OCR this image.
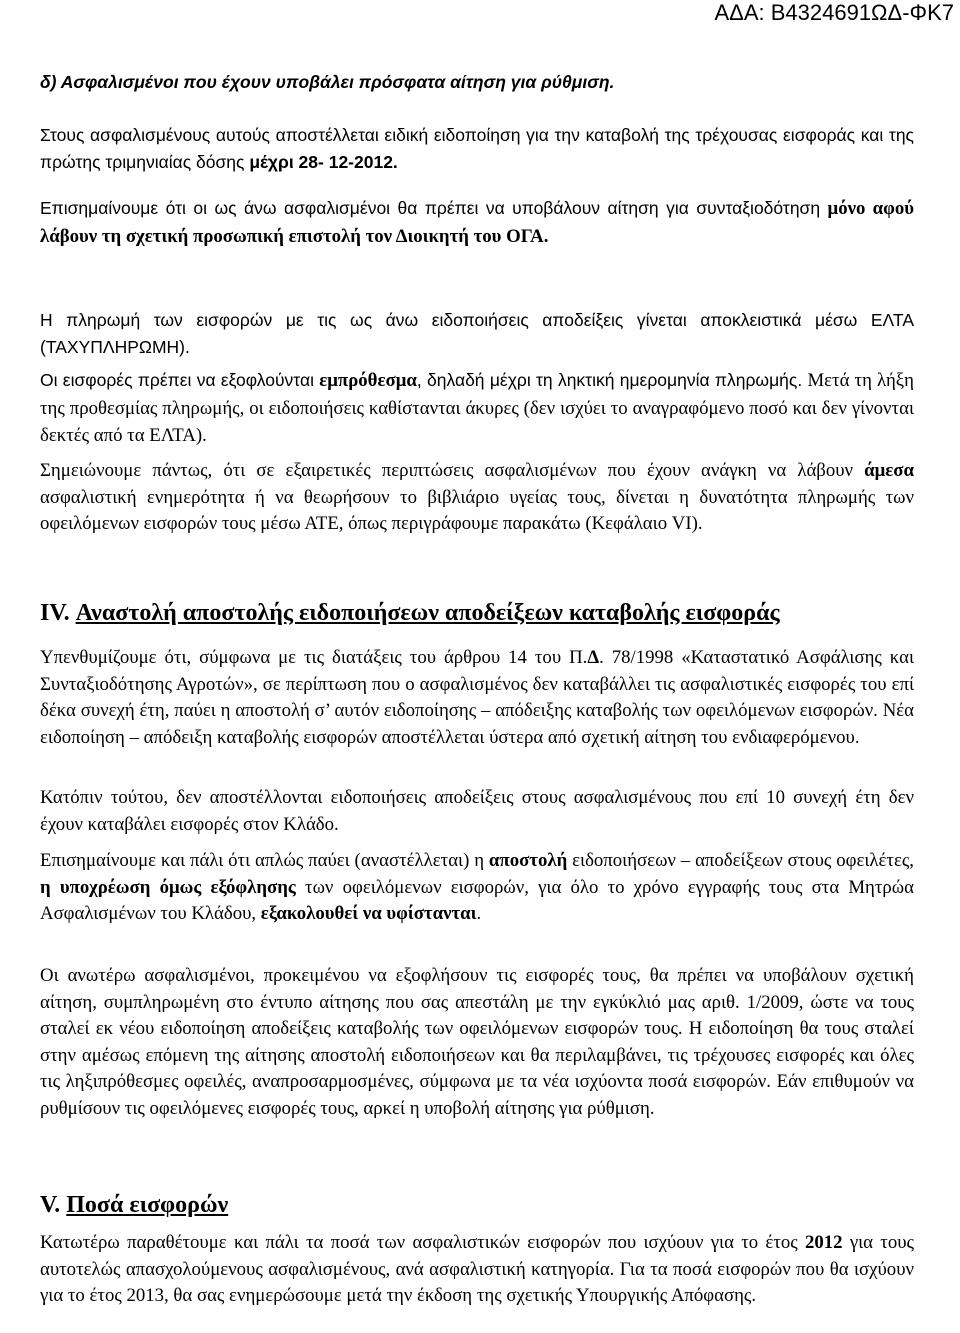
ΑΔΑ: Β4324691ΩΔ-ΦΚ7

δ) Ασφαλισμένοι που έχουν υποβάλει πρόσφατα αίτηση για ρύθμιση.

Στους ασφαλισμένους αυτούς αποστέλλεται ειδική ειδοποίηση για την καταβολή της τρέχουσας εισφοράς και της πρώτης τριμηνιαίας δόσης μέχρι 28- 12-2012.

Επισημαίνουμε ότι οι ως άνω ασφαλισμένοι θα πρέπει να υποβάλουν αίτηση για συνταξιοδότηση μόνο αφού λάβουν τη σχετική προσωπική επιστολή τον Διοικητή του ΟΓΑ.

Η πληρωμή των εισφορών με τις ως άνω ειδοποιήσεις αποδείξεις γίνεται αποκλειστικά μέσω ΕΛΤΑ (ΤΑΧΥΠΛΗΡΩΜΗ).

Οι εισφορές πρέπει να εξοφλούνται εμπρόθεσμα, δηλαδή μέχρι τη ληκτική ημερομηνία πληρωμής. Μετά τη λήξη της προθεσμίας πληρωμής, οι ειδοποιήσεις καθίστανται άκυρες (δεν ισχύει το αναγραφόμενο ποσό και δεν γίνονται δεκτές από τα ΕΛΤΑ).

Σημειώνουμε πάντως, ότι σε εξαιρετικές περιπτώσεις ασφαλισμένων που έχουν ανάγκη να λάβουν άμεσα ασφαλιστική ενημερότητα ή να θεωρήσουν το βιβλιάριο υγείας τους, δίνεται η δυνατότητα πληρωμής των οφειλόμενων εισφορών τους μέσω ΑΤΕ, όπως περιγράφουμε παρακάτω (Κεφάλαιο VI).

IV. Αναστολή αποστολής ειδοποιήσεων αποδείξεων καταβολής εισφοράς

Υπενθυμίζουμε ότι, σύμφωνα με τις διατάξεις του άρθρου 14 του Π.Δ. 78/1998 «Καταστατικό Ασφάλισης και Συνταξιοδότησης Αγροτών», σε περίπτωση που ο ασφαλισμένος δεν καταβάλλει τις ασφαλιστικές εισφορές του επί δέκα συνεχή έτη, παύει η αποστολή σ’ αυτόν ειδοποίησης – απόδειξης καταβολής των οφειλόμενων εισφορών. Νέα ειδοποίηση – απόδειξη καταβολής εισφορών αποστέλλεται ύστερα από σχετική αίτηση του ενδιαφερόμενου.

Κατόπιν τούτου, δεν αποστέλλονται ειδοποιήσεις αποδείξεις στους ασφαλισμένους που επί 10 συνεχή έτη δεν έχουν καταβάλει εισφορές στον Κλάδο.

Επισημαίνουμε και πάλι ότι απλώς παύει (αναστέλλεται) η αποστολή ειδοποιήσεων – αποδείξεων στους οφειλέτες, η υποχρέωση όμως εξόφλησης των οφειλόμενων εισφορών, για όλο το χρόνο εγγραφής τους στα Μητρώα Ασφαλισμένων του Κλάδου, εξακολουθεί να υφίστανται.

Οι ανωτέρω ασφαλισμένοι, προκειμένου να εξοφλήσουν τις εισφορές τους, θα πρέπει να υποβάλουν σχετική αίτηση, συμπληρωμένη στο έντυπο αίτησης που σας απεστάλη με την εγκύκλιό μας αριθ. 1/2009, ώστε να τους σταλεί εκ νέου ειδοποίηση αποδείξεις καταβολής των οφειλόμενων εισφορών τους. Η ειδοποίηση θα τους σταλεί στην αμέσως επόμενη της αίτησης αποστολή ειδοποιήσεων και θα περιλαμβάνει, τις τρέχουσες εισφορές και όλες τις ληξιπρόθεσμες οφειλές, αναπροσαρμοσμένες, σύμφωνα με τα νέα ισχύοντα ποσά εισφορών. Εάν επιθυμούν να ρυθμίσουν τις οφειλόμενες εισφορές τους, αρκεί η υποβολή αίτησης για ρύθμιση.

V. Ποσά εισφορών

Κατωτέρω παραθέτουμε και πάλι τα ποσά των ασφαλιστικών εισφορών που ισχύουν για το έτος 2012 για τους αυτοτελώς απασχολούμενους ασφαλισμένους, ανά ασφαλιστική κατηγορία. Για τα ποσά εισφορών που θα ισχύουν για το έτος 2013, θα σας ενημερώσουμε μετά την έκδοση της σχετικής Υπουργικής Απόφασης.
